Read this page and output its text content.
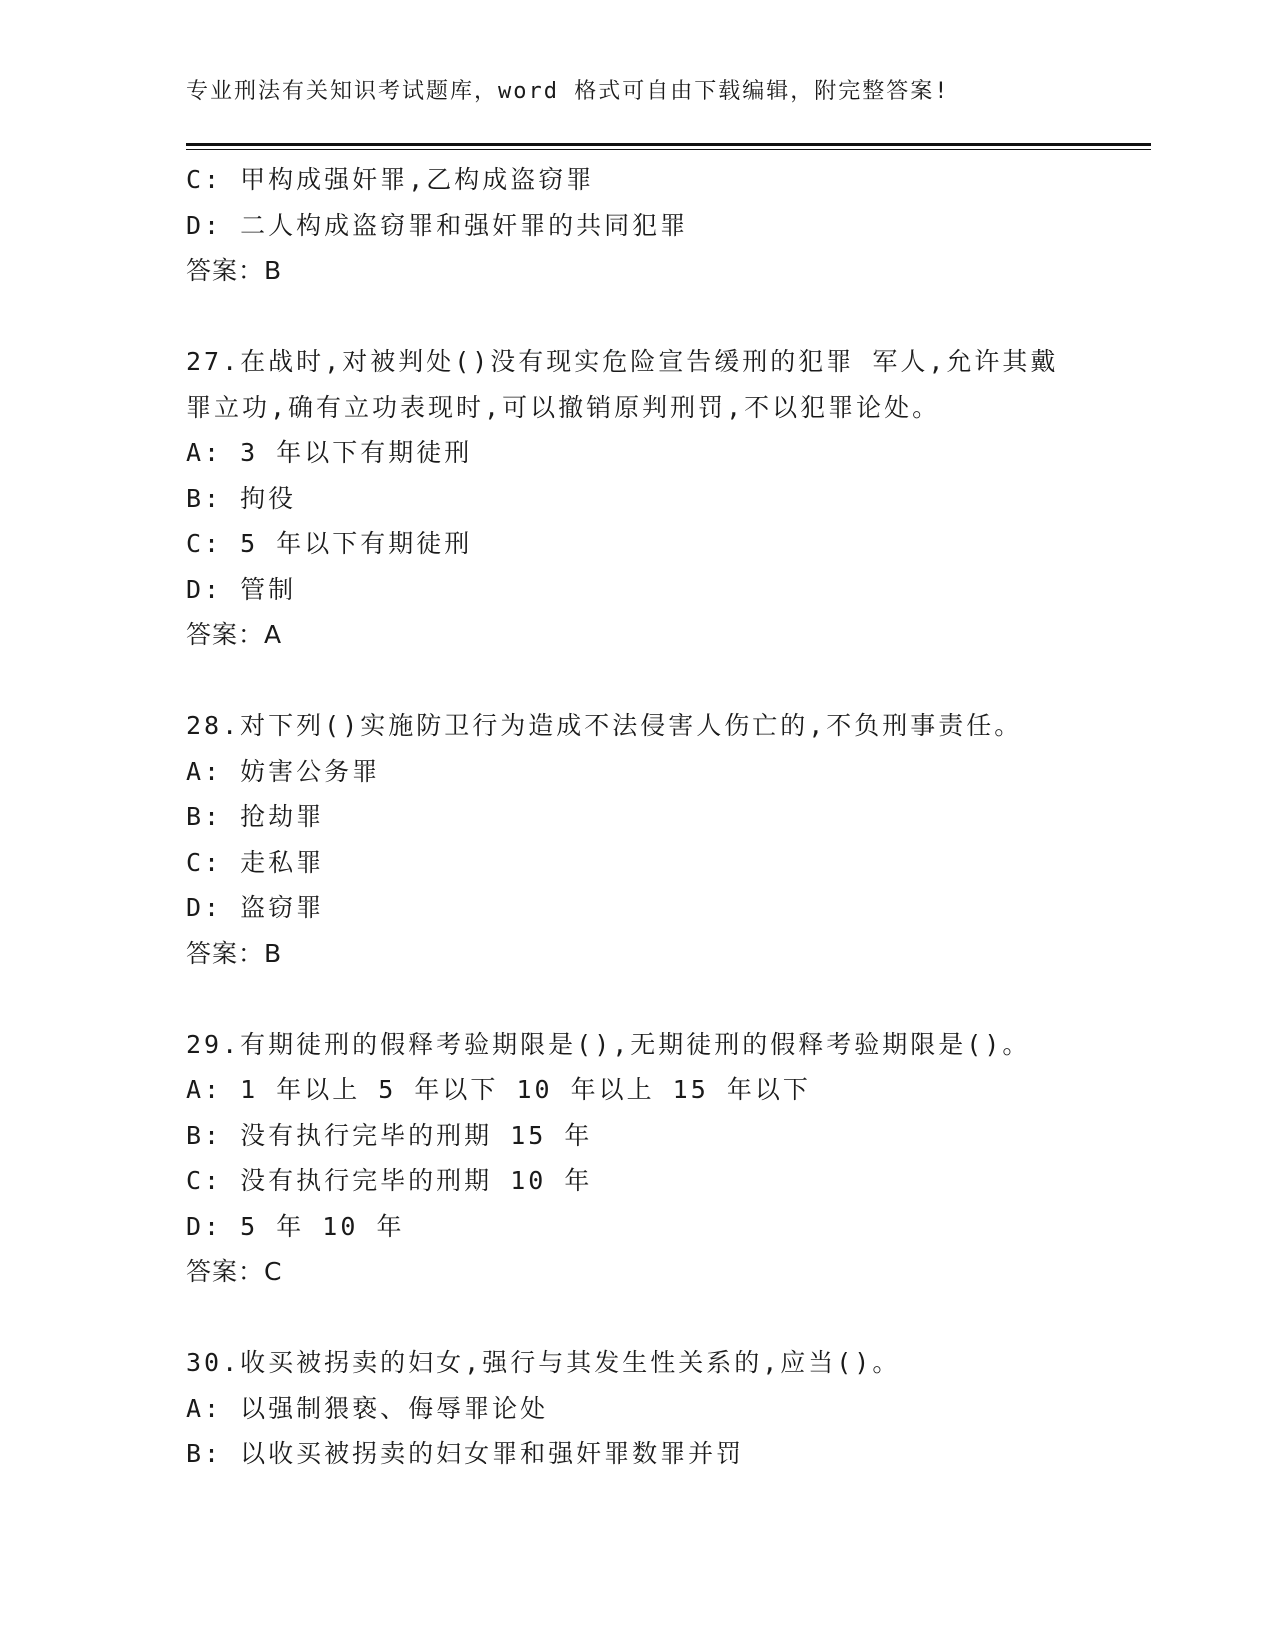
专业刑法有关知识考试题库，word 格式可自由下载编辑，附完整答案!
C: 甲构成强奸罪,乙构成盗窃罪
D: 二人构成盗窃罪和强奸罪的共同犯罪
答案：B
27.在战时,对被判处()没有现实危险宣告缓刑的犯罪 军人,允许其戴
罪立功,确有立功表现时,可以撤销原判刑罚,不以犯罪论处。
A: 3 年以下有期徒刑
B: 拘役
C: 5 年以下有期徒刑
D: 管制
答案：A
28.对下列()实施防卫行为造成不法侵害人伤亡的,不负刑事责任。
A: 妨害公务罪
B: 抢劫罪
C: 走私罪
D: 盗窃罪
答案：B
29.有期徒刑的假释考验期限是(),无期徒刑的假释考验期限是()。
A: 1 年以上 5 年以下 10 年以上 15 年以下
B: 没有执行完毕的刑期 15 年
C: 没有执行完毕的刑期 10 年
D: 5 年 10 年
答案：C
30.收买被拐卖的妇女,强行与其发生性关系的,应当()。
A: 以强制猥亵、侮辱罪论处
B: 以收买被拐卖的妇女罪和强奸罪数罪并罚
